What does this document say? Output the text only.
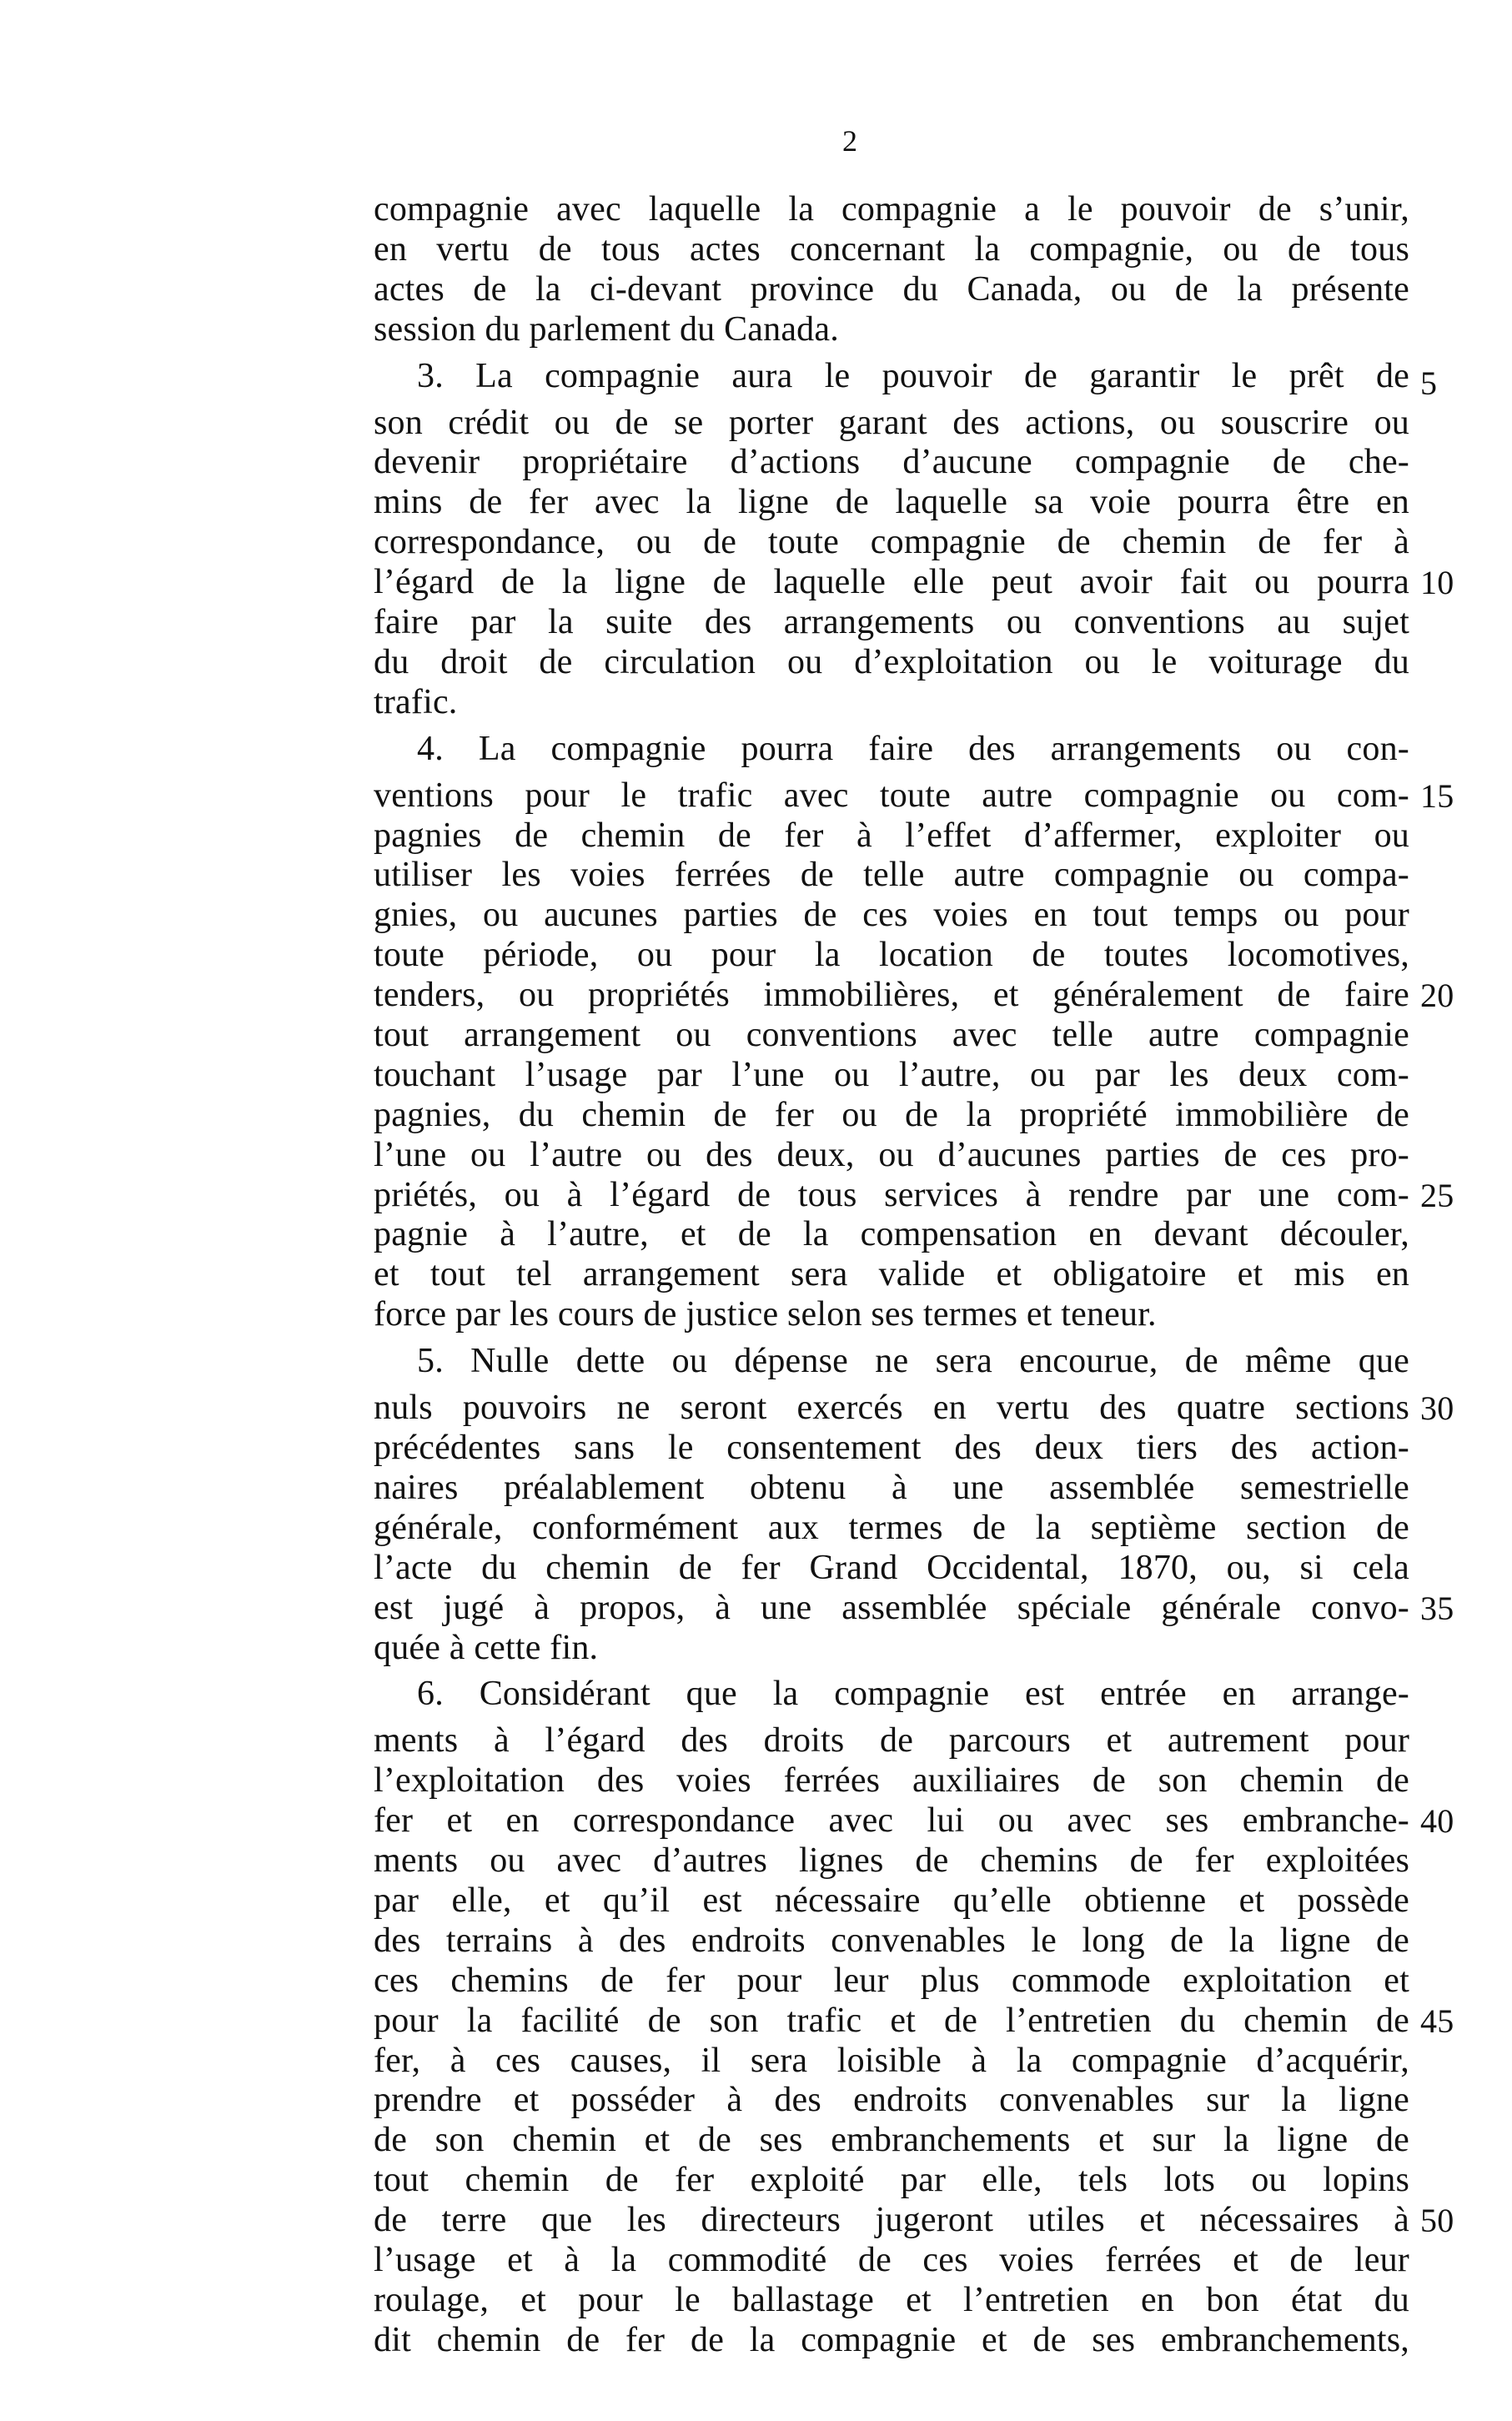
2
compagnie avec laquelle la compagnie a le pouvoir de s’unir,
en vertu de tous actes concernant la compagnie, ou de tous
actes de la ci-devant province du Canada, ou de la présente
session du parlement du Canada.
3. La compagnie aura le pouvoir de garantir le prêt de 5
son crédit ou de se porter garant des actions, ou souscrire ou
devenir propriétaire d’actions d’aucune compagnie de che-
mins de fer avec la ligne de laquelle sa voie pourra être en
correspondance, ou de toute compagnie de chemin de fer à
l’égard de la ligne de laquelle elle peut avoir fait ou pourra 10
faire par la suite des arrangements ou conventions au sujet
du droit de circulation ou d’exploitation ou le voiturage du
trafic.
4. La compagnie pourra faire des arrangements ou con-
ventions pour le trafic avec toute autre compagnie ou com- 15
pagnies de chemin de fer à l’effet d’affermer, exploiter ou
utiliser les voies ferrées de telle autre compagnie ou compa-
gnies, ou aucunes parties de ces voies en tout temps ou pour
toute période, ou pour la location de toutes locomotives,
tenders, ou propriétés immobilières, et généralement de faire 20
tout arrangement ou conventions avec telle autre compagnie
touchant l’usage par l’une ou l’autre, ou par les deux com-
pagnies, du chemin de fer ou de la propriété immobilière de
l’une ou l’autre ou des deux, ou d’aucunes parties de ces pro-
priétés, ou à l’égard de tous services à rendre par une com- 25
pagnie à l’autre, et de la compensation en devant découler,
et tout tel arrangement sera valide et obligatoire et mis en
force par les cours de justice selon ses termes et teneur.
5. Nulle dette ou dépense ne sera encourue, de même que
nuls pouvoirs ne seront exercés en vertu des quatre sections 30
précédentes sans le consentement des deux tiers des action-
naires préalablement obtenu à une assemblée semestrielle
générale, conformément aux termes de la septième section de
l’acte du chemin de fer Grand Occidental, 1870, ou, si cela
est jugé à propos, à une assemblée spéciale générale convo- 35
quée à cette fin.
6. Considérant que la compagnie est entrée en arrange-
ments à l’égard des droits de parcours et autrement pour
l’exploitation des voies ferrées auxiliaires de son chemin de
fer et en correspondance avec lui ou avec ses embranche- 40
ments ou avec d’autres lignes de chemins de fer exploitées
par elle, et qu’il est nécessaire qu’elle obtienne et possède
des terrains à des endroits convenables le long de la ligne de
ces chemins de fer pour leur plus commode exploitation et
pour la facilité de son trafic et de l’entretien du chemin de 45
fer, à ces causes, il sera loisible à la compagnie d’acquérir,
prendre et posséder à des endroits convenables sur la ligne
de son chemin et de ses embranchements et sur la ligne de
tout chemin de fer exploité par elle, tels lots ou lopins
de terre que les directeurs jugeront utiles et nécessaires à 50
l’usage et à la commodité de ces voies ferrées et de leur
roulage, et pour le ballastage et l’entretien en bon état du
dit chemin de fer de la compagnie et de ses embranchements,
